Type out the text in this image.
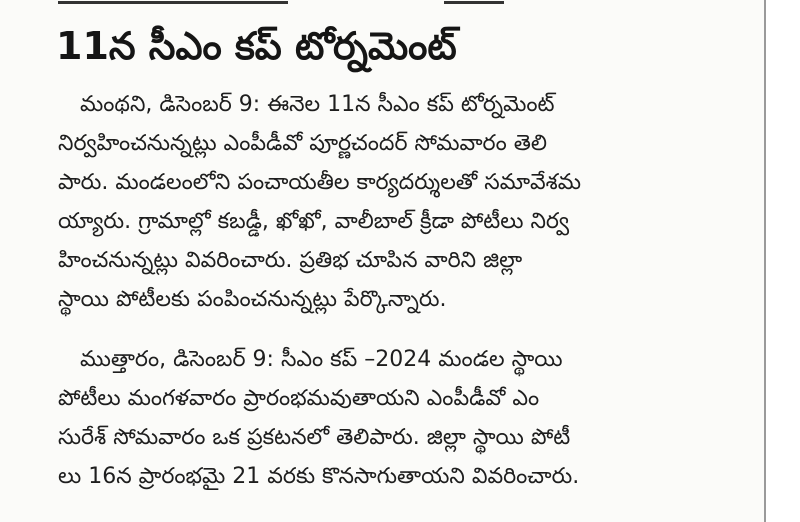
11న సీఎం కప్ టోర్నమెంట్
మంథని, డిసెంబర్ 9: ఈనెల 11న సీఎం కప్ టోర్నమెంట్
నిర్వహించనున్నట్లు ఎంపీడీవో పూర్ణచందర్ సోమవారం తెలి
పారు. మండలంలోని పంచాయతీల కార్యదర్శులతో సమావేశమ
య్యారు. గ్రామాల్లో కబడ్డీ, ఖోఖో, వాలీబాల్ క్రీడా పోటీలు నిర్వ
హించనున్నట్లు వివరించారు. ప్రతిభ చూపిన వారిని జిల్లా
స్థాయి పోటీలకు పంపించనున్నట్లు పేర్కొన్నారు.
ముత్తారం, డిసెంబర్ 9: సీఎం కప్ –2024 మండల స్థాయి
పోటీలు మంగళవారం ప్రారంభమవుతాయని ఎంపీడీవో ఎం
సురేశ్ సోమవారం ఒక ప్రకటనలో తెలిపారు. జిల్లా స్థాయి పోటీ
లు 16న ప్రారంభమై 21 వరకు కొనసాగుతాయని వివరించారు.
